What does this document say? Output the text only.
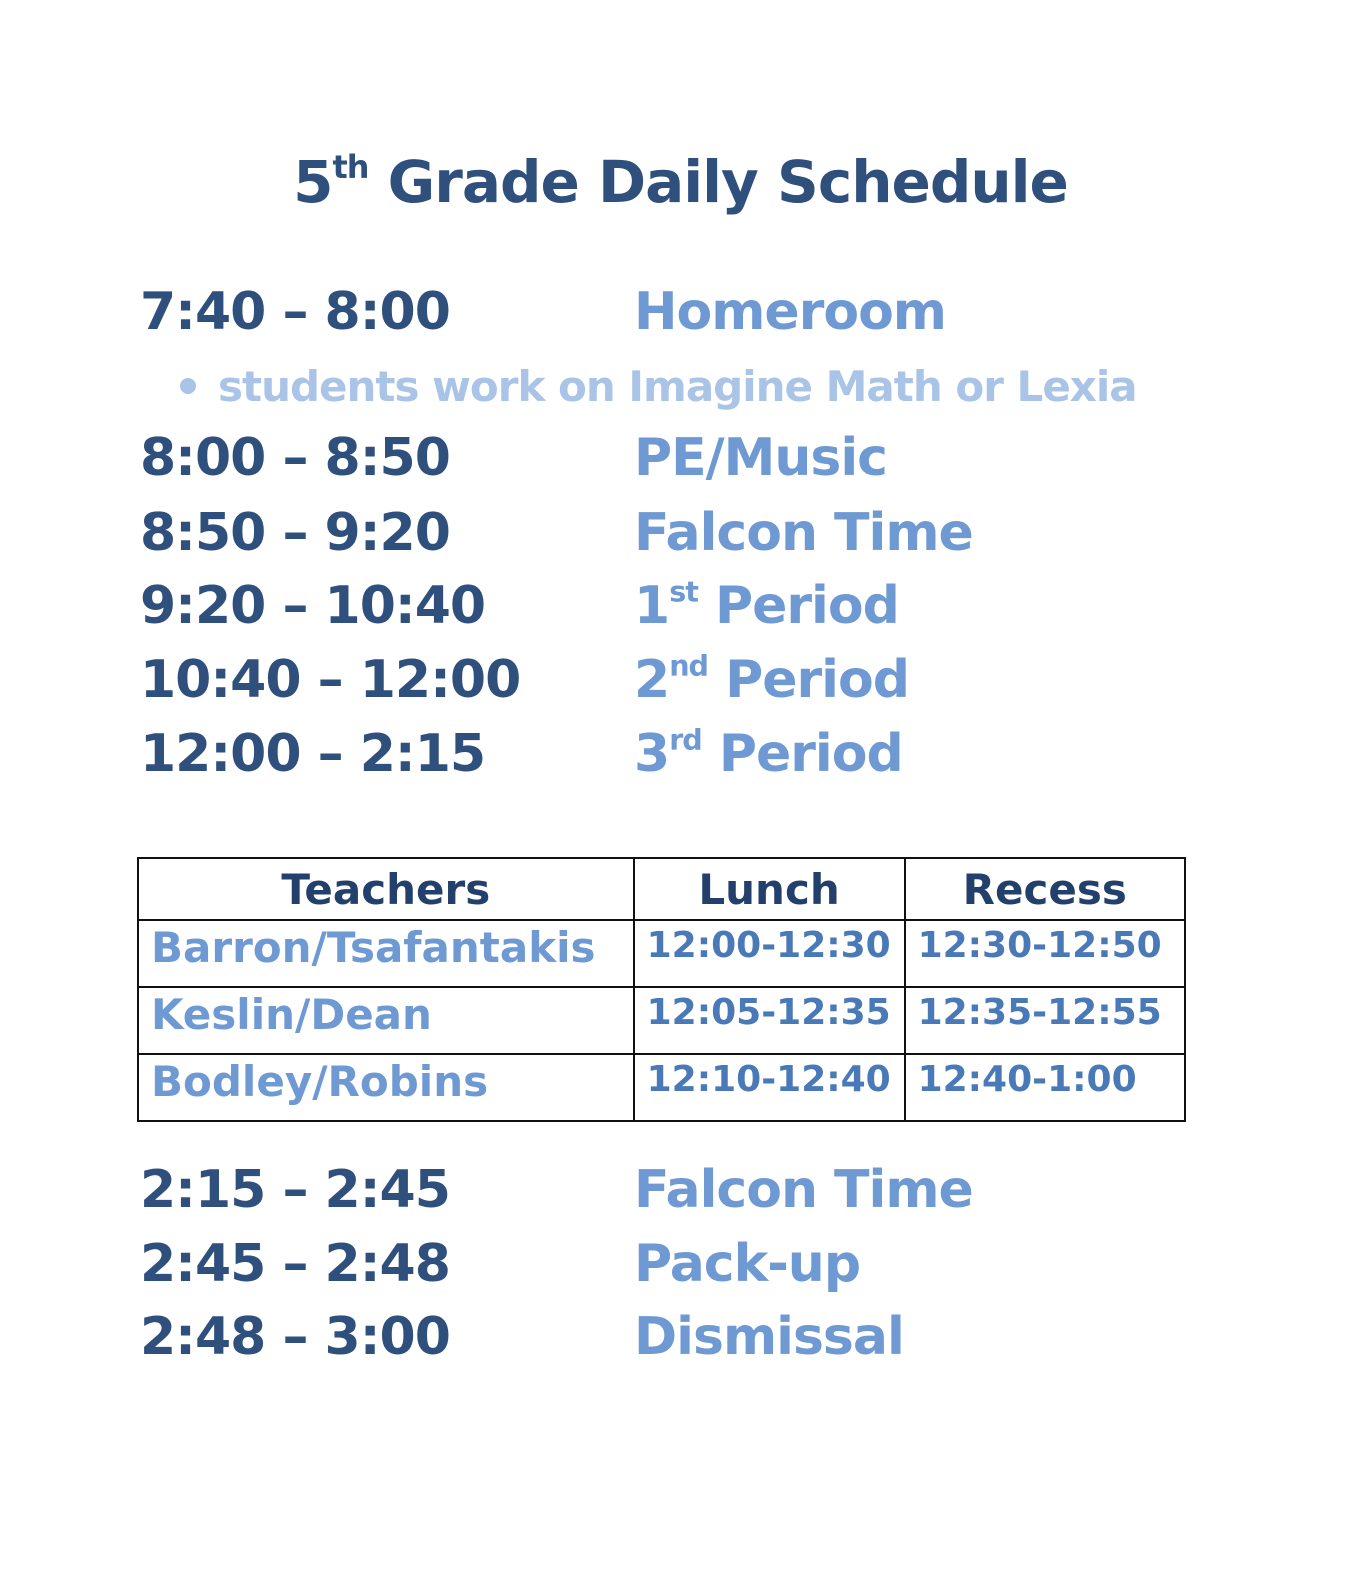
5th Grade Daily Schedule
7:40 – 8:00	Homeroom
students work on Imagine Math or Lexia
8:00 – 8:50	PE/Music
8:50 – 9:20	Falcon Time
9:20 – 10:40	1st Period
10:40 – 12:00 2nd Period
12:00 – 2:15	3rd Period
Teachers	Lunch	Recess
Barron/Tsafantakis	12:00-12:30	12:30-12:50
Keslin/Dean	12:05-12:35	12:35-12:55
Bodley/Robins	12:10-12:40	12:40-1:00
2:15 – 2:45	Falcon Time
2:45 – 2:48	Pack-up
2:48 – 3:00	Dismissal
